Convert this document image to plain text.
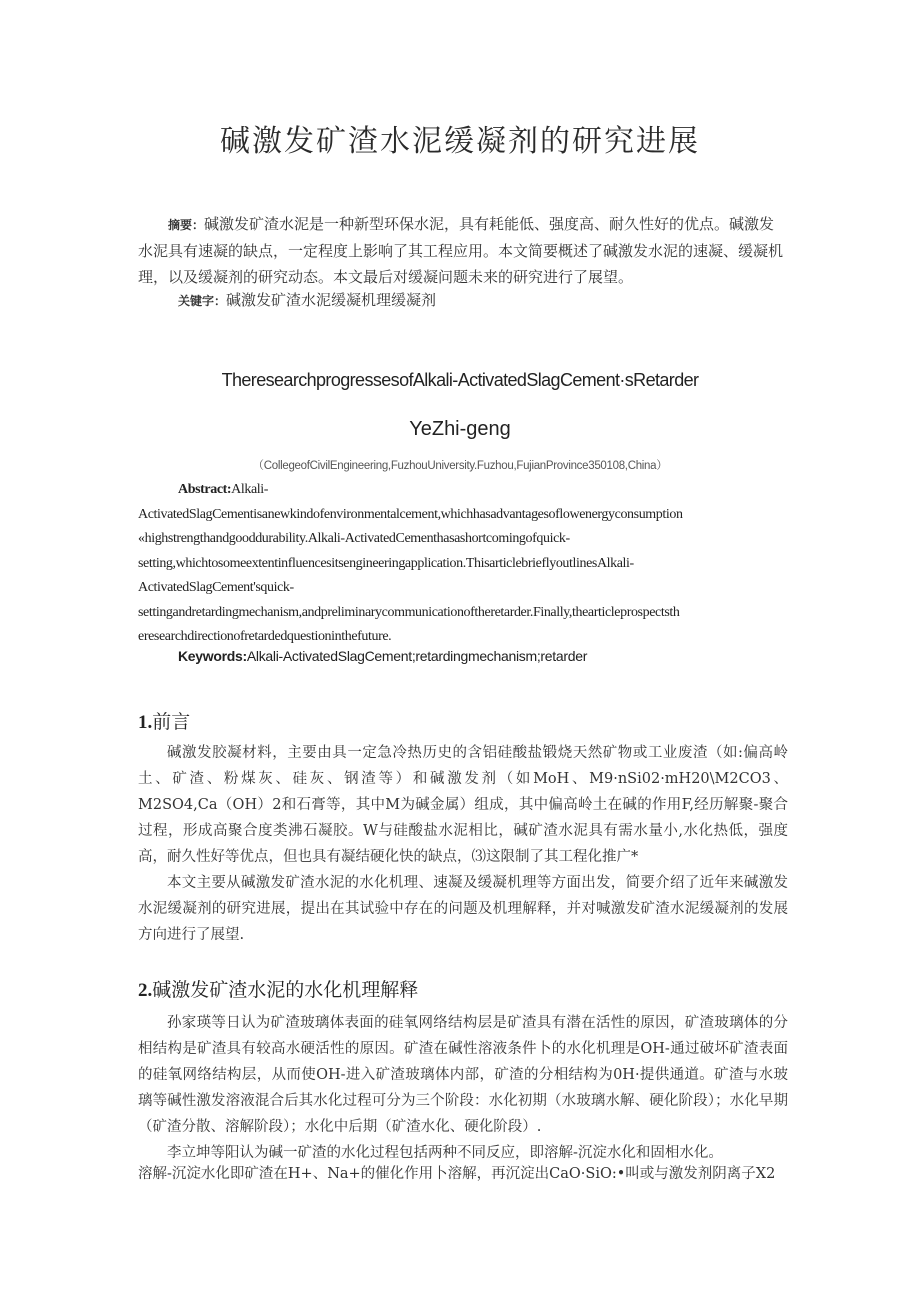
碱激发矿渣水泥缓凝剂的研究进展
摘要：碱激发矿渣水泥是一种新型环保水泥，具有耗能低、强度高、耐久性好的优点。碱激发水泥具有速凝的缺点，一定程度上影响了其工程应用。本文简要概述了碱激发水泥的速凝、缓凝机理，以及缓凝剂的研究动态。本文最后对缓凝问题未来的研究进行了展望。
关键字：碱激发矿渣水泥缓凝机理缓凝剂
TheresearchprogressesofAlkali-ActivatedSlagCement·sRetarder
YeZhi-geng
（CollegeofCivilEngineering,FuzhouUniversity.Fuzhou,FujianProvince350108,China）
Abstract:Alkali-
ActivatedSlagCementisanewkindofenvironmentalcement,whichhasadvantagesoflowenergyconsumption
«highstrengthandgooddurability.Alkali-ActivatedCementhasashortcomingofquick-
setting,whichtosomeextentinfluencesitsengineeringapplication.ThisarticlebrieflyoutlinesAlkali-
ActivatedSlagCement'squick-
settingandretardingmechanism,andpreliminarycommunicationoftheretarder.Finally,thearticleprospectsth
eresearchdirectionofretardedquestioninthefuture.
Keywords:Alkali-ActivatedSlagCement;retardingmechanism;retarder
1.前言

碱激发胶凝材料，主要由具一定急冷热历史的含铝硅酸盐锻烧天然矿物或工业废渣（如:偏高岭土、矿渣、粉煤灰、硅灰、钢渣等）和碱激发剂（如MoH、M9·nSi02·mH20\M2CO3、M2SO4,Ca（OH）2和石膏等，其中M为碱金属）组成，其中偏高岭土在碱的作用F,经历解聚-聚合过程，形成高聚合度类沸石凝胶。W与硅酸盐水泥相比，碱矿渣水泥具有需水量小,水化热低，强度高，耐久性好等优点，但也具有凝结硬化快的缺点，⑶这限制了其工程化推广*

本文主要从碱激发矿渣水泥的水化机理、速凝及缓凝机理等方面出发，简要介绍了近年来碱激发水泥缓凝剂的研究进展，提出在其试验中存在的问题及机理解释，并对喊激发矿渣水泥缓凝剂的发展方向进行了展望.

2.碱激发矿渣水泥的水化机理解释

孙家瑛等日认为矿渣玻璃体表面的硅氧网络结构层是矿渣具有潜在活性的原因，矿渣玻璃体的分相结构是矿渣具有较高水硬活性的原因。矿渣在碱性溶液条件卜的水化机理是OH-通过破坏矿渣表面的硅氧网络结构层，从而使OH-进入矿渣玻璃体内部，矿渣的分相结构为0H·提供通道。矿渣与水玻璃等碱性激发溶液混合后其水化过程可分为三个阶段：水化初期（水玻璃水解、硬化阶段）；水化早期（矿渣分散、溶解阶段）；水化中后期（矿渣水化、硬化阶段）.

李立坤等阳认为碱一矿渣的水化过程包括两种不同反应，即溶解-沉淀水化和固相水化。

溶解-沉淀水化即矿渣在H+、Na+的催化作用卜溶解，再沉淀出CaO·SiO:•叫或与激发剂阴离子X2
